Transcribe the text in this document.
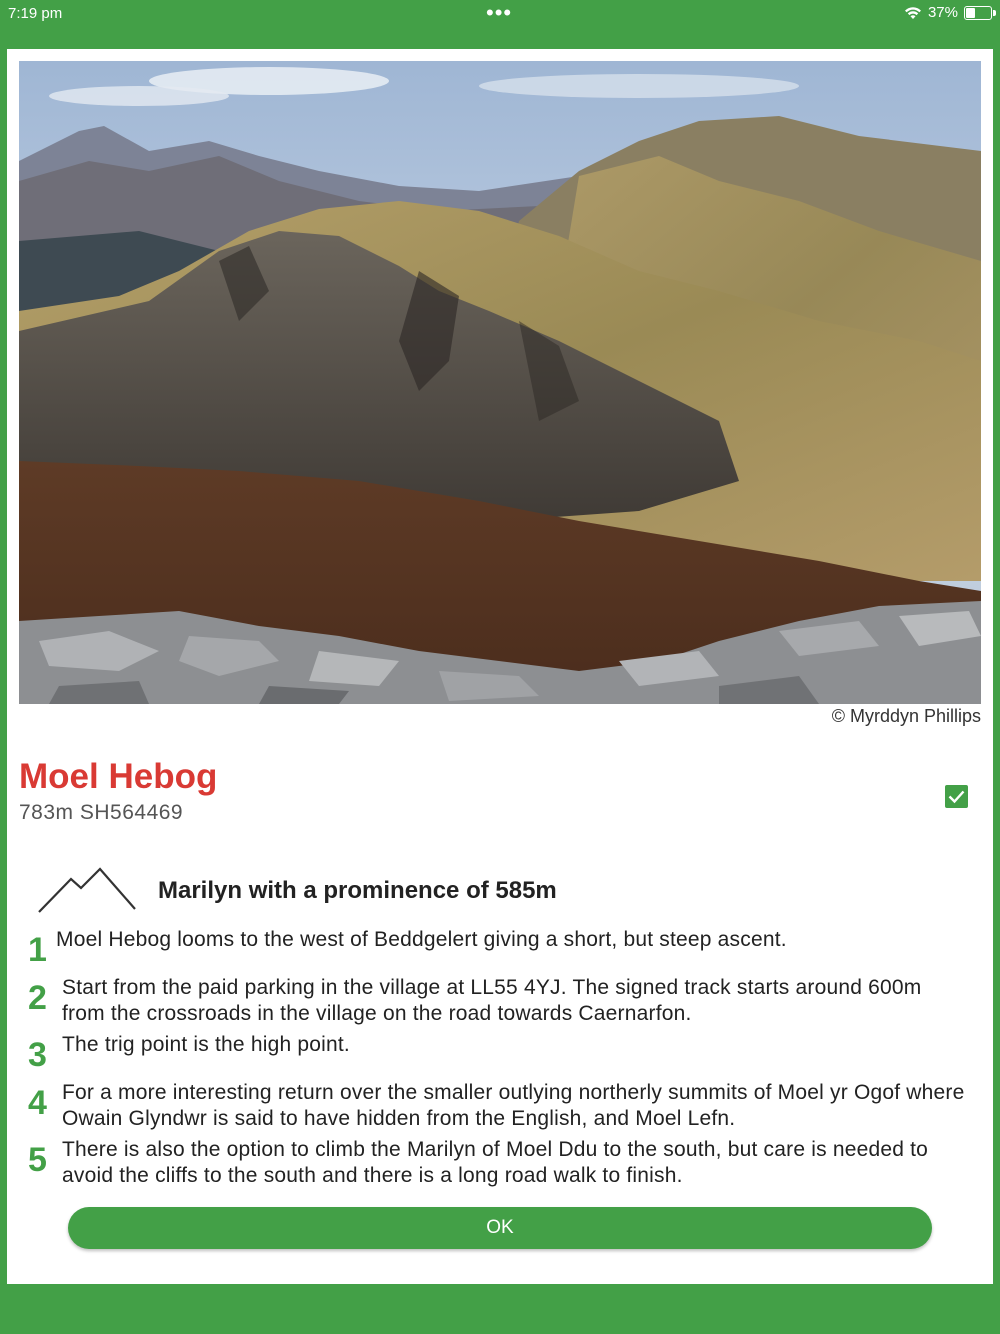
7:19 pm	•••	37%
© Myrddyn Phillips
Moel Hebog
783m SH564469
Marilyn with a prominence of 585m
1 Moel Hebog looms to the west of Beddgelert giving a short, but steep ascent.
2 Start from the paid parking in the village at LL55 4YJ. The signed track starts around 600m from the crossroads in the village on the road towards Caernarfon.
3 The trig point is the high point.
4 For a more interesting return over the smaller outlying northerly summits of Moel yr Ogof where Owain Glyndwr is said to have hidden from the English, and Moel Lefn.
5 There is also the option to climb the Marilyn of Moel Ddu to the south, but care is needed to avoid the cliffs to the south and there is a long road walk to finish.
OK
